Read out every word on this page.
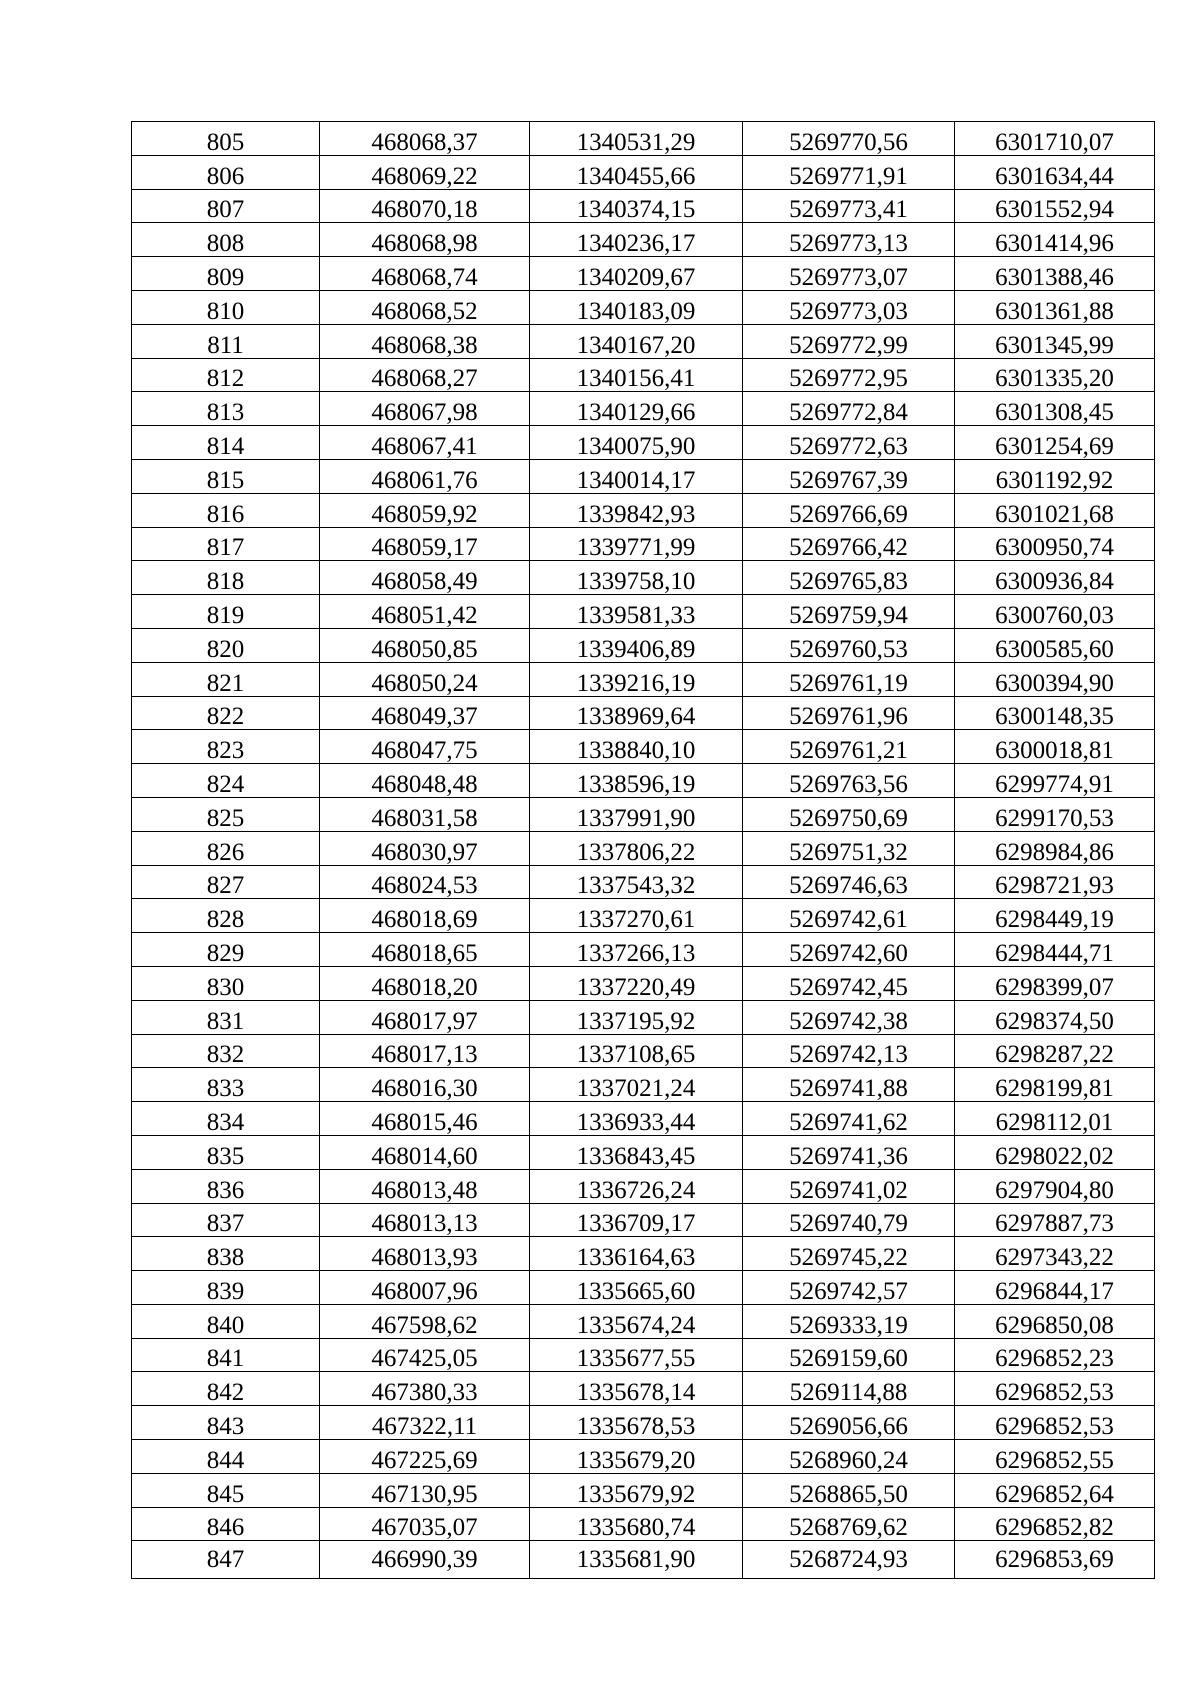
805	468068,37	1340531,29	5269770,56	6301710,07
806	468069,22	1340455,66	5269771,91	6301634,44
807	468070,18	1340374,15	5269773,41	6301552,94
808	468068,98	1340236,17	5269773,13	6301414,96
809	468068,74	1340209,67	5269773,07	6301388,46
810	468068,52	1340183,09	5269773,03	6301361,88
811	468068,38	1340167,20	5269772,99	6301345,99
812	468068,27	1340156,41	5269772,95	6301335,20
813	468067,98	1340129,66	5269772,84	6301308,45
814	468067,41	1340075,90	5269772,63	6301254,69
815	468061,76	1340014,17	5269767,39	6301192,92
816	468059,92	1339842,93	5269766,69	6301021,68
817	468059,17	1339771,99	5269766,42	6300950,74
818	468058,49	1339758,10	5269765,83	6300936,84
819	468051,42	1339581,33	5269759,94	6300760,03
820	468050,85	1339406,89	5269760,53	6300585,60
821	468050,24	1339216,19	5269761,19	6300394,90
822	468049,37	1338969,64	5269761,96	6300148,35
823	468047,75	1338840,10	5269761,21	6300018,81
824	468048,48	1338596,19	5269763,56	6299774,91
825	468031,58	1337991,90	5269750,69	6299170,53
826	468030,97	1337806,22	5269751,32	6298984,86
827	468024,53	1337543,32	5269746,63	6298721,93
828	468018,69	1337270,61	5269742,61	6298449,19
829	468018,65	1337266,13	5269742,60	6298444,71
830	468018,20	1337220,49	5269742,45	6298399,07
831	468017,97	1337195,92	5269742,38	6298374,50
832	468017,13	1337108,65	5269742,13	6298287,22
833	468016,30	1337021,24	5269741,88	6298199,81
834	468015,46	1336933,44	5269741,62	6298112,01
835	468014,60	1336843,45	5269741,36	6298022,02
836	468013,48	1336726,24	5269741,02	6297904,80
837	468013,13	1336709,17	5269740,79	6297887,73
838	468013,93	1336164,63	5269745,22	6297343,22
839	468007,96	1335665,60	5269742,57	6296844,17
840	467598,62	1335674,24	5269333,19	6296850,08
841	467425,05	1335677,55	5269159,60	6296852,23
842	467380,33	1335678,14	5269114,88	6296852,53
843	467322,11	1335678,53	5269056,66	6296852,53
844	467225,69	1335679,20	5268960,24	6296852,55
845	467130,95	1335679,92	5268865,50	6296852,64
846	467035,07	1335680,74	5268769,62	6296852,82
847	466990,39	1335681,90	5268724,93	6296853,69
